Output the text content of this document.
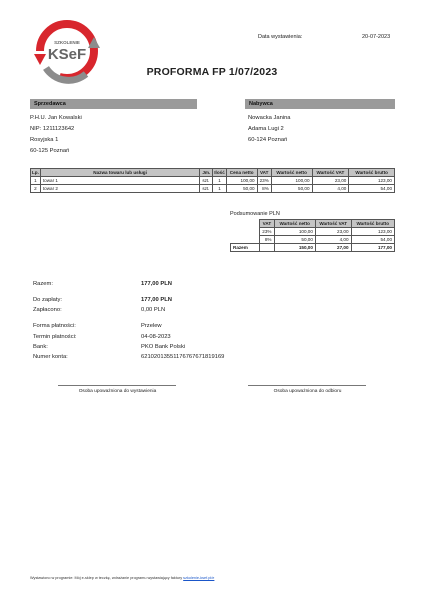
SZKOLENIE
KSeF
Data wystawienia:	20-07-2023
PROFORMA FP 1/07/2023
Sprzedawca	Nabywca
P.H.U. Jan Kowalski
NIP: 1211123642
Rosyjska 1
60-125 Poznań
Nowacka Janina
Adama Lugi 2
60-124 Poznań
Lp.	Nazwa towaru lub usługi	Jm.	Ilość	Cena netto	VAT	Wartość netto	Wartość VAT	Wartość brutto
1	towar 1	szt.	1	100,00	23%	100,00	23,00	123,00
2	towar 2	szt.	1	50,00	8%	50,00	4,00	54,00
Podsumowanie PLN
	VAT	Wartość netto	Wartość VAT	Wartość brutto
	23%	100,00	23,00	123,00
	8%	50,00	4,00	54,00
Razem		150,00	27,00	177,00
Razem:	177,00 PLN
Do zapłaty:	177,00 PLN
Zapłacono:	0,00 PLN
Forma płatności:	Przelew
Termin płatności:	04-08-2023
Bank:	PKO Bank Polski
Numer konta:	62102013551176767671819169
Osoba upoważniona do wystawienia	Osoba upoważniona do odbioru
Wystawiono w programie: Mój e-sklep w teczkę, wdrażanie programu wystawiający faktury szkolenie-ksef.pl/e
